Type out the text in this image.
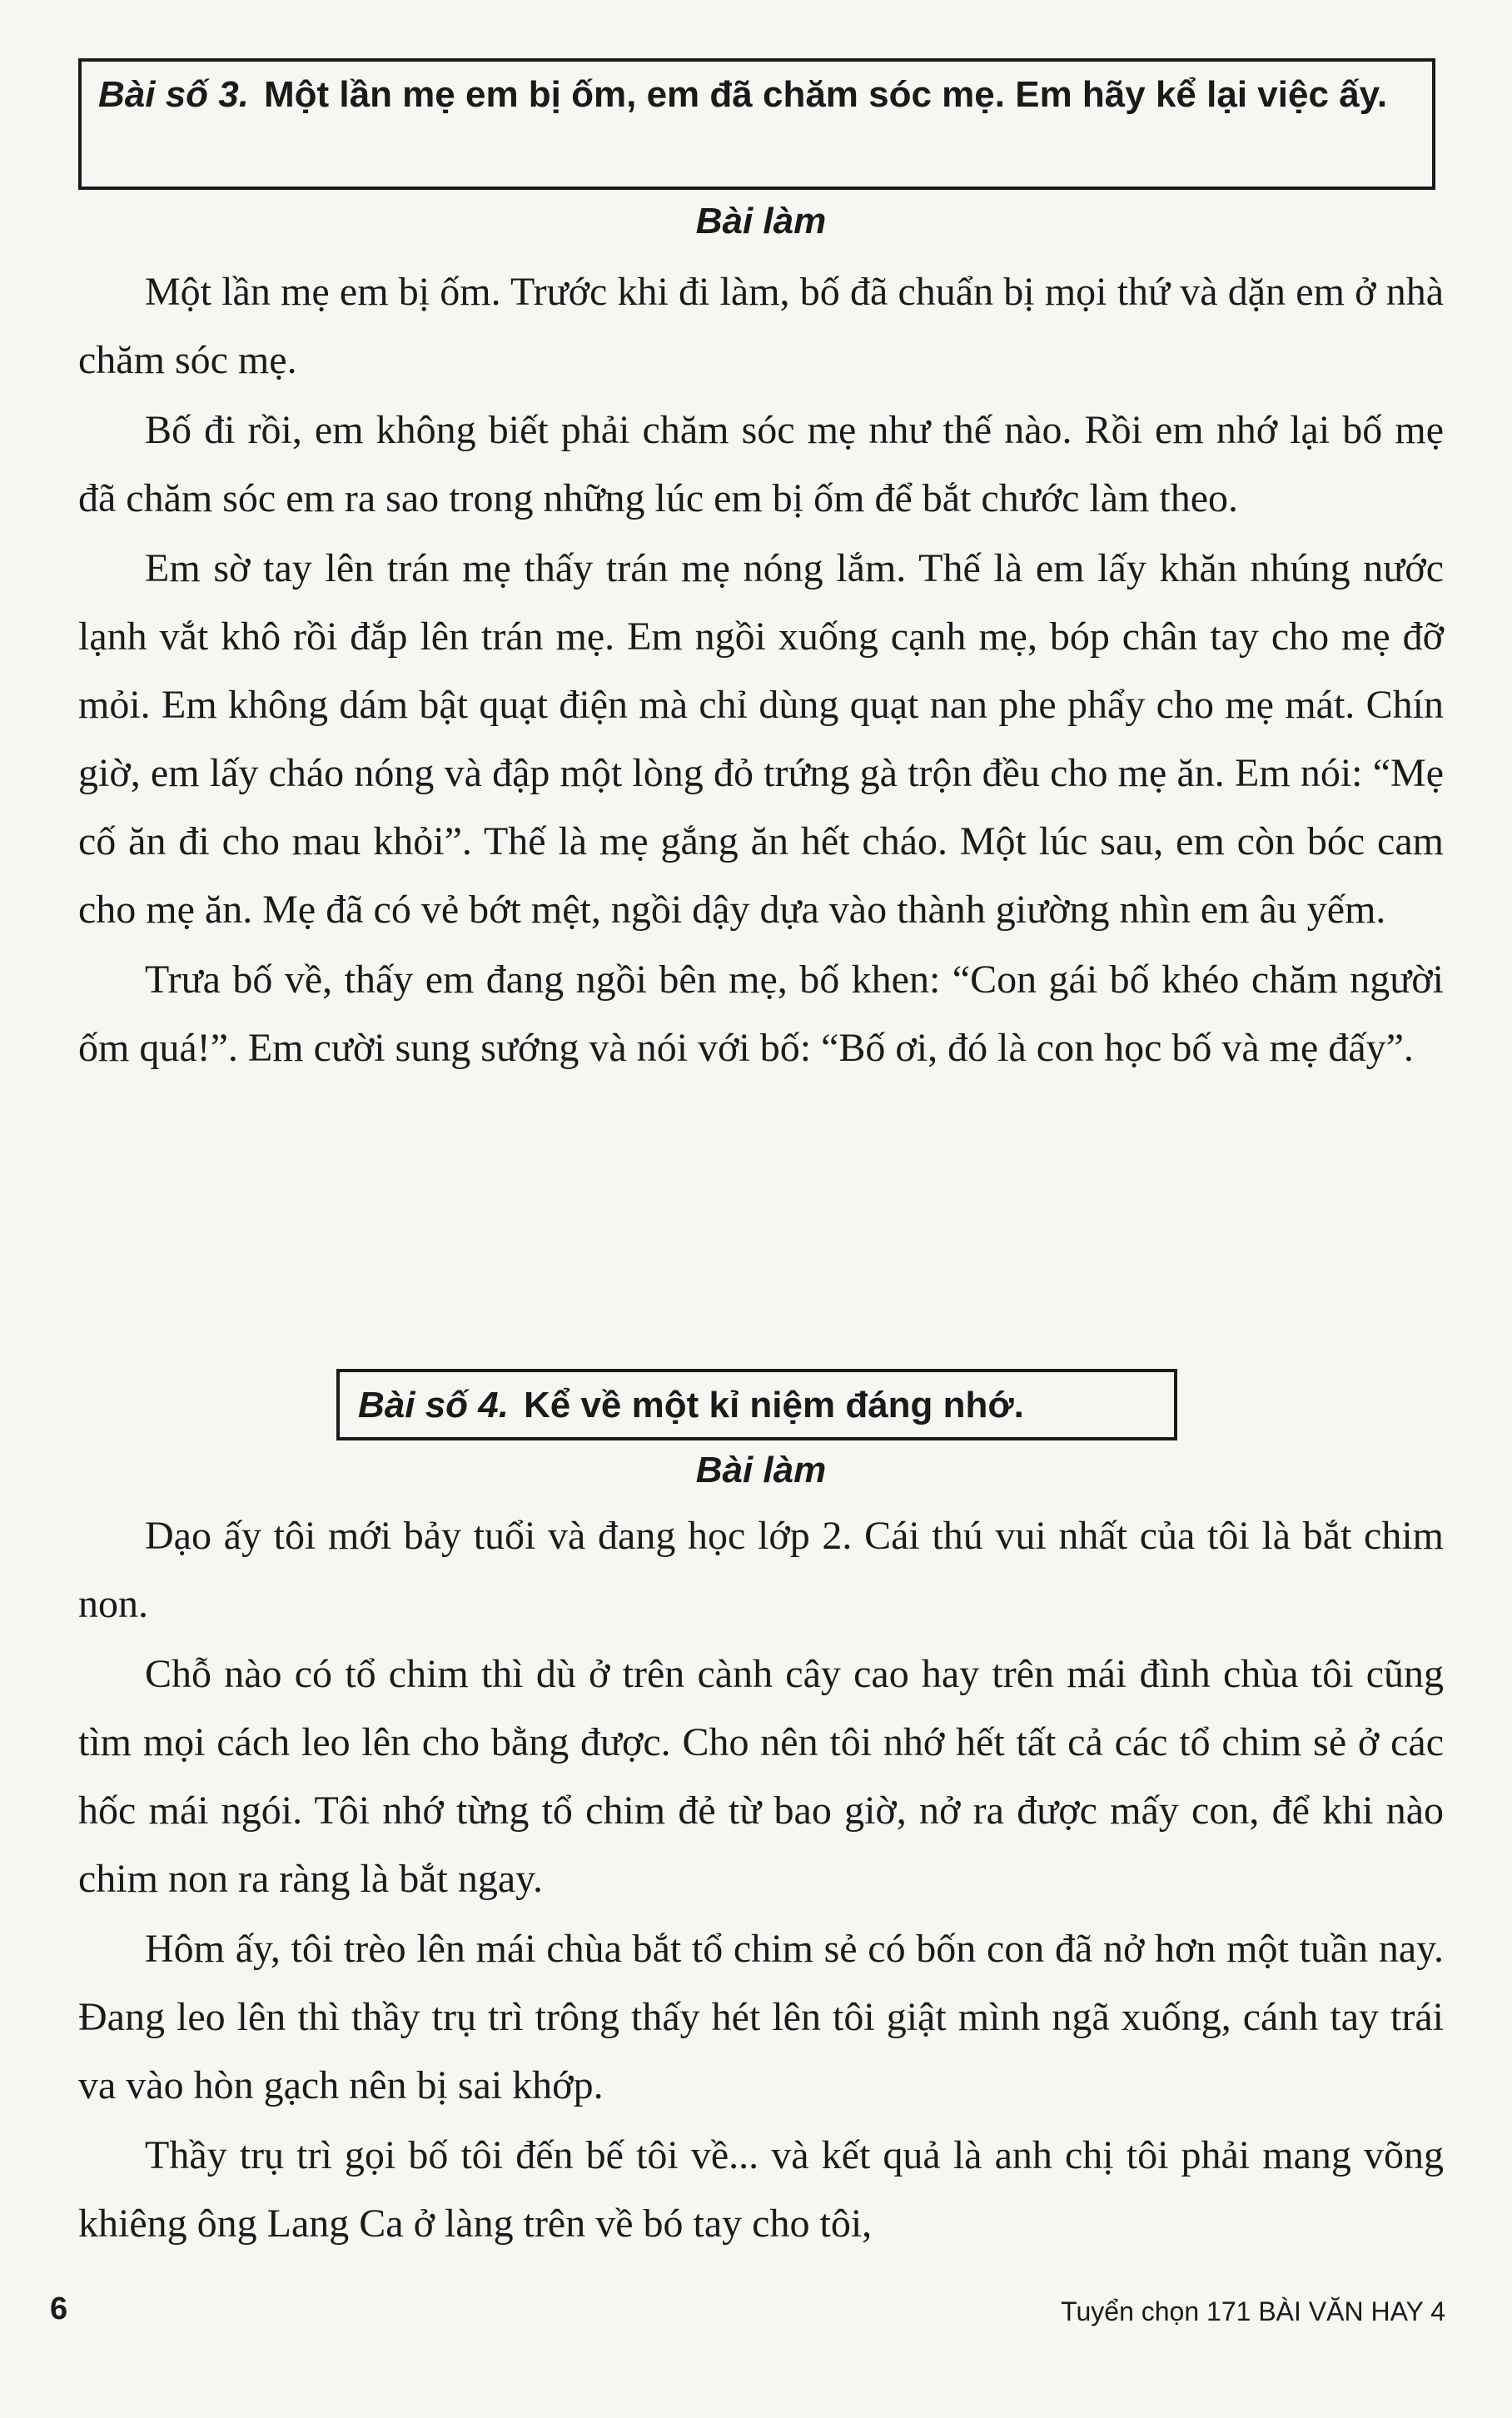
Bài số 3. Một lần mẹ em bị ốm, em đã chăm sóc mẹ. Em hãy kể lại việc ấy.
Bài làm

Một lần mẹ em bị ốm. Trước khi đi làm, bố đã chuẩn bị mọi thứ và dặn em ở nhà chăm sóc mẹ.

Bố đi rồi, em không biết phải chăm sóc mẹ như thế nào. Rồi em nhớ lại bố mẹ đã chăm sóc em ra sao trong những lúc em bị ốm để bắt chước làm theo.

Em sờ tay lên trán mẹ thấy trán mẹ nóng lắm. Thế là em lấy khăn nhúng nước lạnh vắt khô rồi đắp lên trán mẹ. Em ngồi xuống cạnh mẹ, bóp chân tay cho mẹ đỡ mỏi. Em không dám bật quạt điện mà chỉ dùng quạt nan phe phẩy cho mẹ mát. Chín giờ, em lấy cháo nóng và đập một lòng đỏ trứng gà trộn đều cho mẹ ăn. Em nói: “Mẹ cố ăn đi cho mau khỏi”. Thế là mẹ gắng ăn hết cháo. Một lúc sau, em còn bóc cam cho mẹ ăn. Mẹ đã có vẻ bớt mệt, ngồi dậy dựa vào thành giường nhìn em âu yếm.

Trưa bố về, thấy em đang ngồi bên mẹ, bố khen: “Con gái bố khéo chăm người ốm quá!”. Em cười sung sướng và nói với bố: “Bố ơi, đó là con học bố và mẹ đấy”.

Bài số 4. Kể về một kỉ niệm đáng nhớ.
Bài làm

Dạo ấy tôi mới bảy tuổi và đang học lớp 2. Cái thú vui nhất của tôi là bắt chim non.

Chỗ nào có tổ chim thì dù ở trên cành cây cao hay trên mái đình chùa tôi cũng tìm mọi cách leo lên cho bằng được. Cho nên tôi nhớ hết tất cả các tổ chim sẻ ở các hốc mái ngói. Tôi nhớ từng tổ chim đẻ từ bao giờ, nở ra được mấy con, để khi nào chim non ra ràng là bắt ngay.

Hôm ấy, tôi trèo lên mái chùa bắt tổ chim sẻ có bốn con đã nở hơn một tuần nay. Đang leo lên thì thầy trụ trì trông thấy hét lên tôi giật mình ngã xuống, cánh tay trái va vào hòn gạch nên bị sai khớp.

Thầy trụ trì gọi bố tôi đến bế tôi về... và kết quả là anh chị tôi phải mang võng khiêng ông Lang Ca ở làng trên về bó tay cho tôi,

6	Tuyển chọn 171 BÀI VĂN HAY 4
